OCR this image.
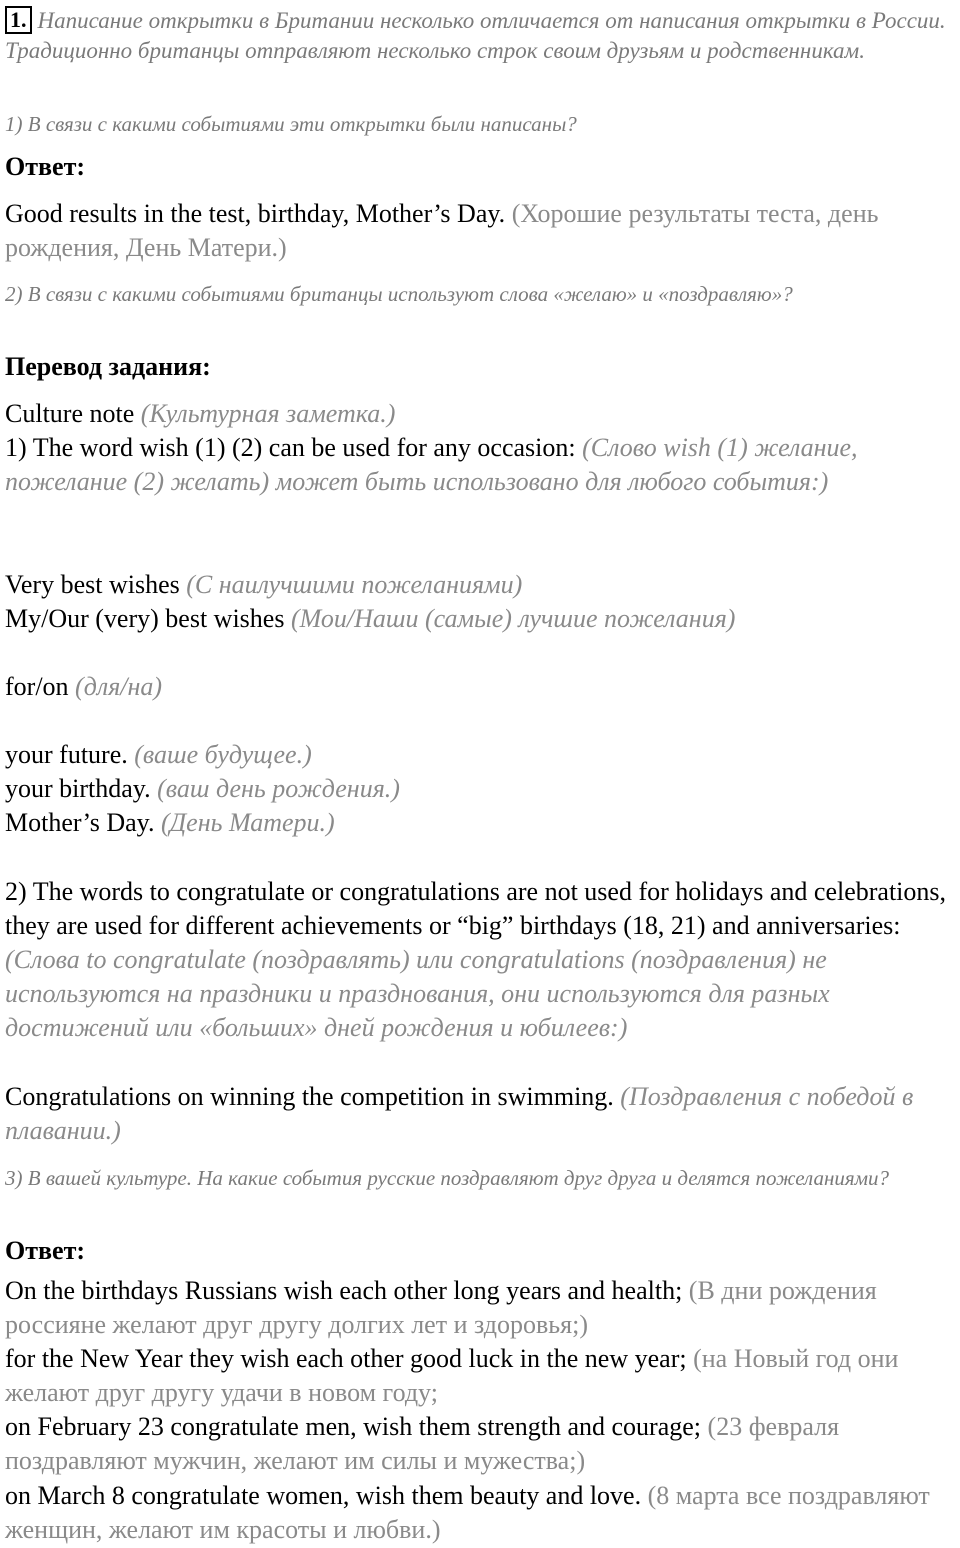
1. Написание открытки в Британии несколько отличается от написания открытки в России. Традиционно британцы отправляют несколько строк своим друзьям и родственникам.
1) В связи с какими событиями эти открытки были написаны?
Ответ:
Good results in the test, birthday, Mother’s Day. (Хорошие результаты теста, день рождения, День Матери.)
2) В связи с какими событиями британцы используют слова «желаю» и «поздравляю»?
Перевод задания:
Culture note (Культурная заметка.)
1) The word wish (1) (2) can be used for any occasion: (Слово wish (1) желание, пожелание (2) желать) может быть использовано для любого события:)
Very best wishes (С наилучшими пожеланиями)
My/Our (very) best wishes (Мои/Наши (самые) лучшие пожелания)
for/on (для/на)
your future. (ваше будущее.)
your birthday. (ваш день рождения.)
Mother’s Day. (День Матери.)
2) The words to congratulate or congratulations are not used for holidays and celebrations, they are used for different achievements or “big” birthdays (18, 21) and anniversaries: (Слова to congratulate (поздравлять) или congratulations (поздравления) не используются на праздники и празднования, они используются для разных достижений или «больших» дней рождения и юбилеев:)
Congratulations on winning the competition in swimming. (Поздравления с победой в плавании.)
3) В вашей культуре. На какие события русские поздравляют друг друга и делятся пожеланиями?
Ответ:
On the birthdays Russians wish each other long years and health; (В дни рождения россияне желают друг другу долгих лет и здоровья;)
for the New Year they wish each other good luck in the new year; (на Новый год они желают друг другу удачи в новом году;
on February 23 congratulate men, wish them strength and courage; (23 февраля поздравляют мужчин, желают им силы и мужества;)
on March 8 congratulate women, wish them beauty and love. (8 марта все поздравляют женщин, желают им красоты и любви.)
